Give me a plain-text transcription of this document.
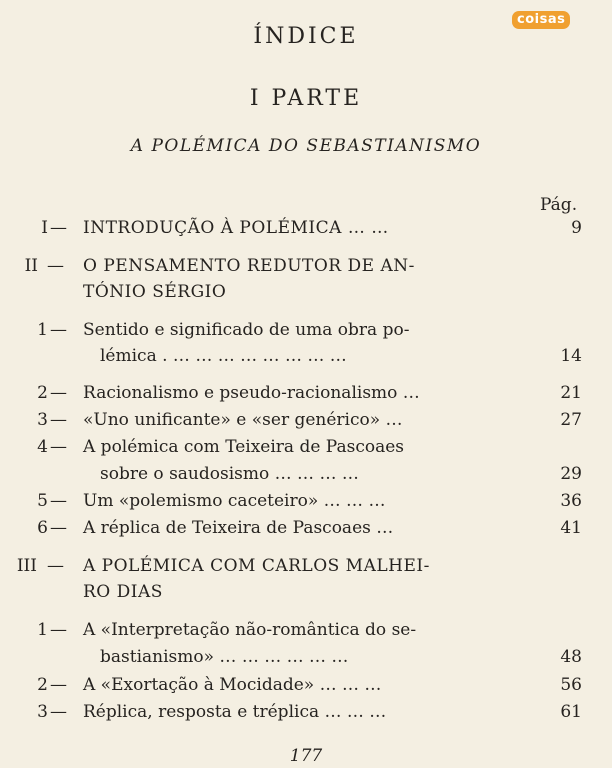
coisas
ÍNDICE
I PARTE
A POLÉMICA DO SEBASTIANISMO
Pág.
I — INTRODUÇÃO À POLÉMICA … …	9
II — O PENSAMENTO REDUTOR DE AN-
TÓNIO SÉRGIO
1 — Sentido e significado de uma obra po-
lémica . … … … … … … … …	14
2 — Racionalismo e pseudo-racionalismo …	21
3 — «Uno unificante» e «ser genérico» …	27
4 — A polémica com Teixeira de Pascoaes
sobre o saudosismo … … … …	29
5 — Um «polemismo caceteiro» … … …	36
6 — A réplica de Teixeira de Pascoaes …	41
III — A POLÉMICA COM CARLOS MALHEI-
RO DIAS
1 — A «Interpretação não-romântica do se-
bastianismo» … … … … … …	48
2 — A «Exortação à Mocidade» … … …	56
3 — Réplica, resposta e tréplica … … …	61
177
